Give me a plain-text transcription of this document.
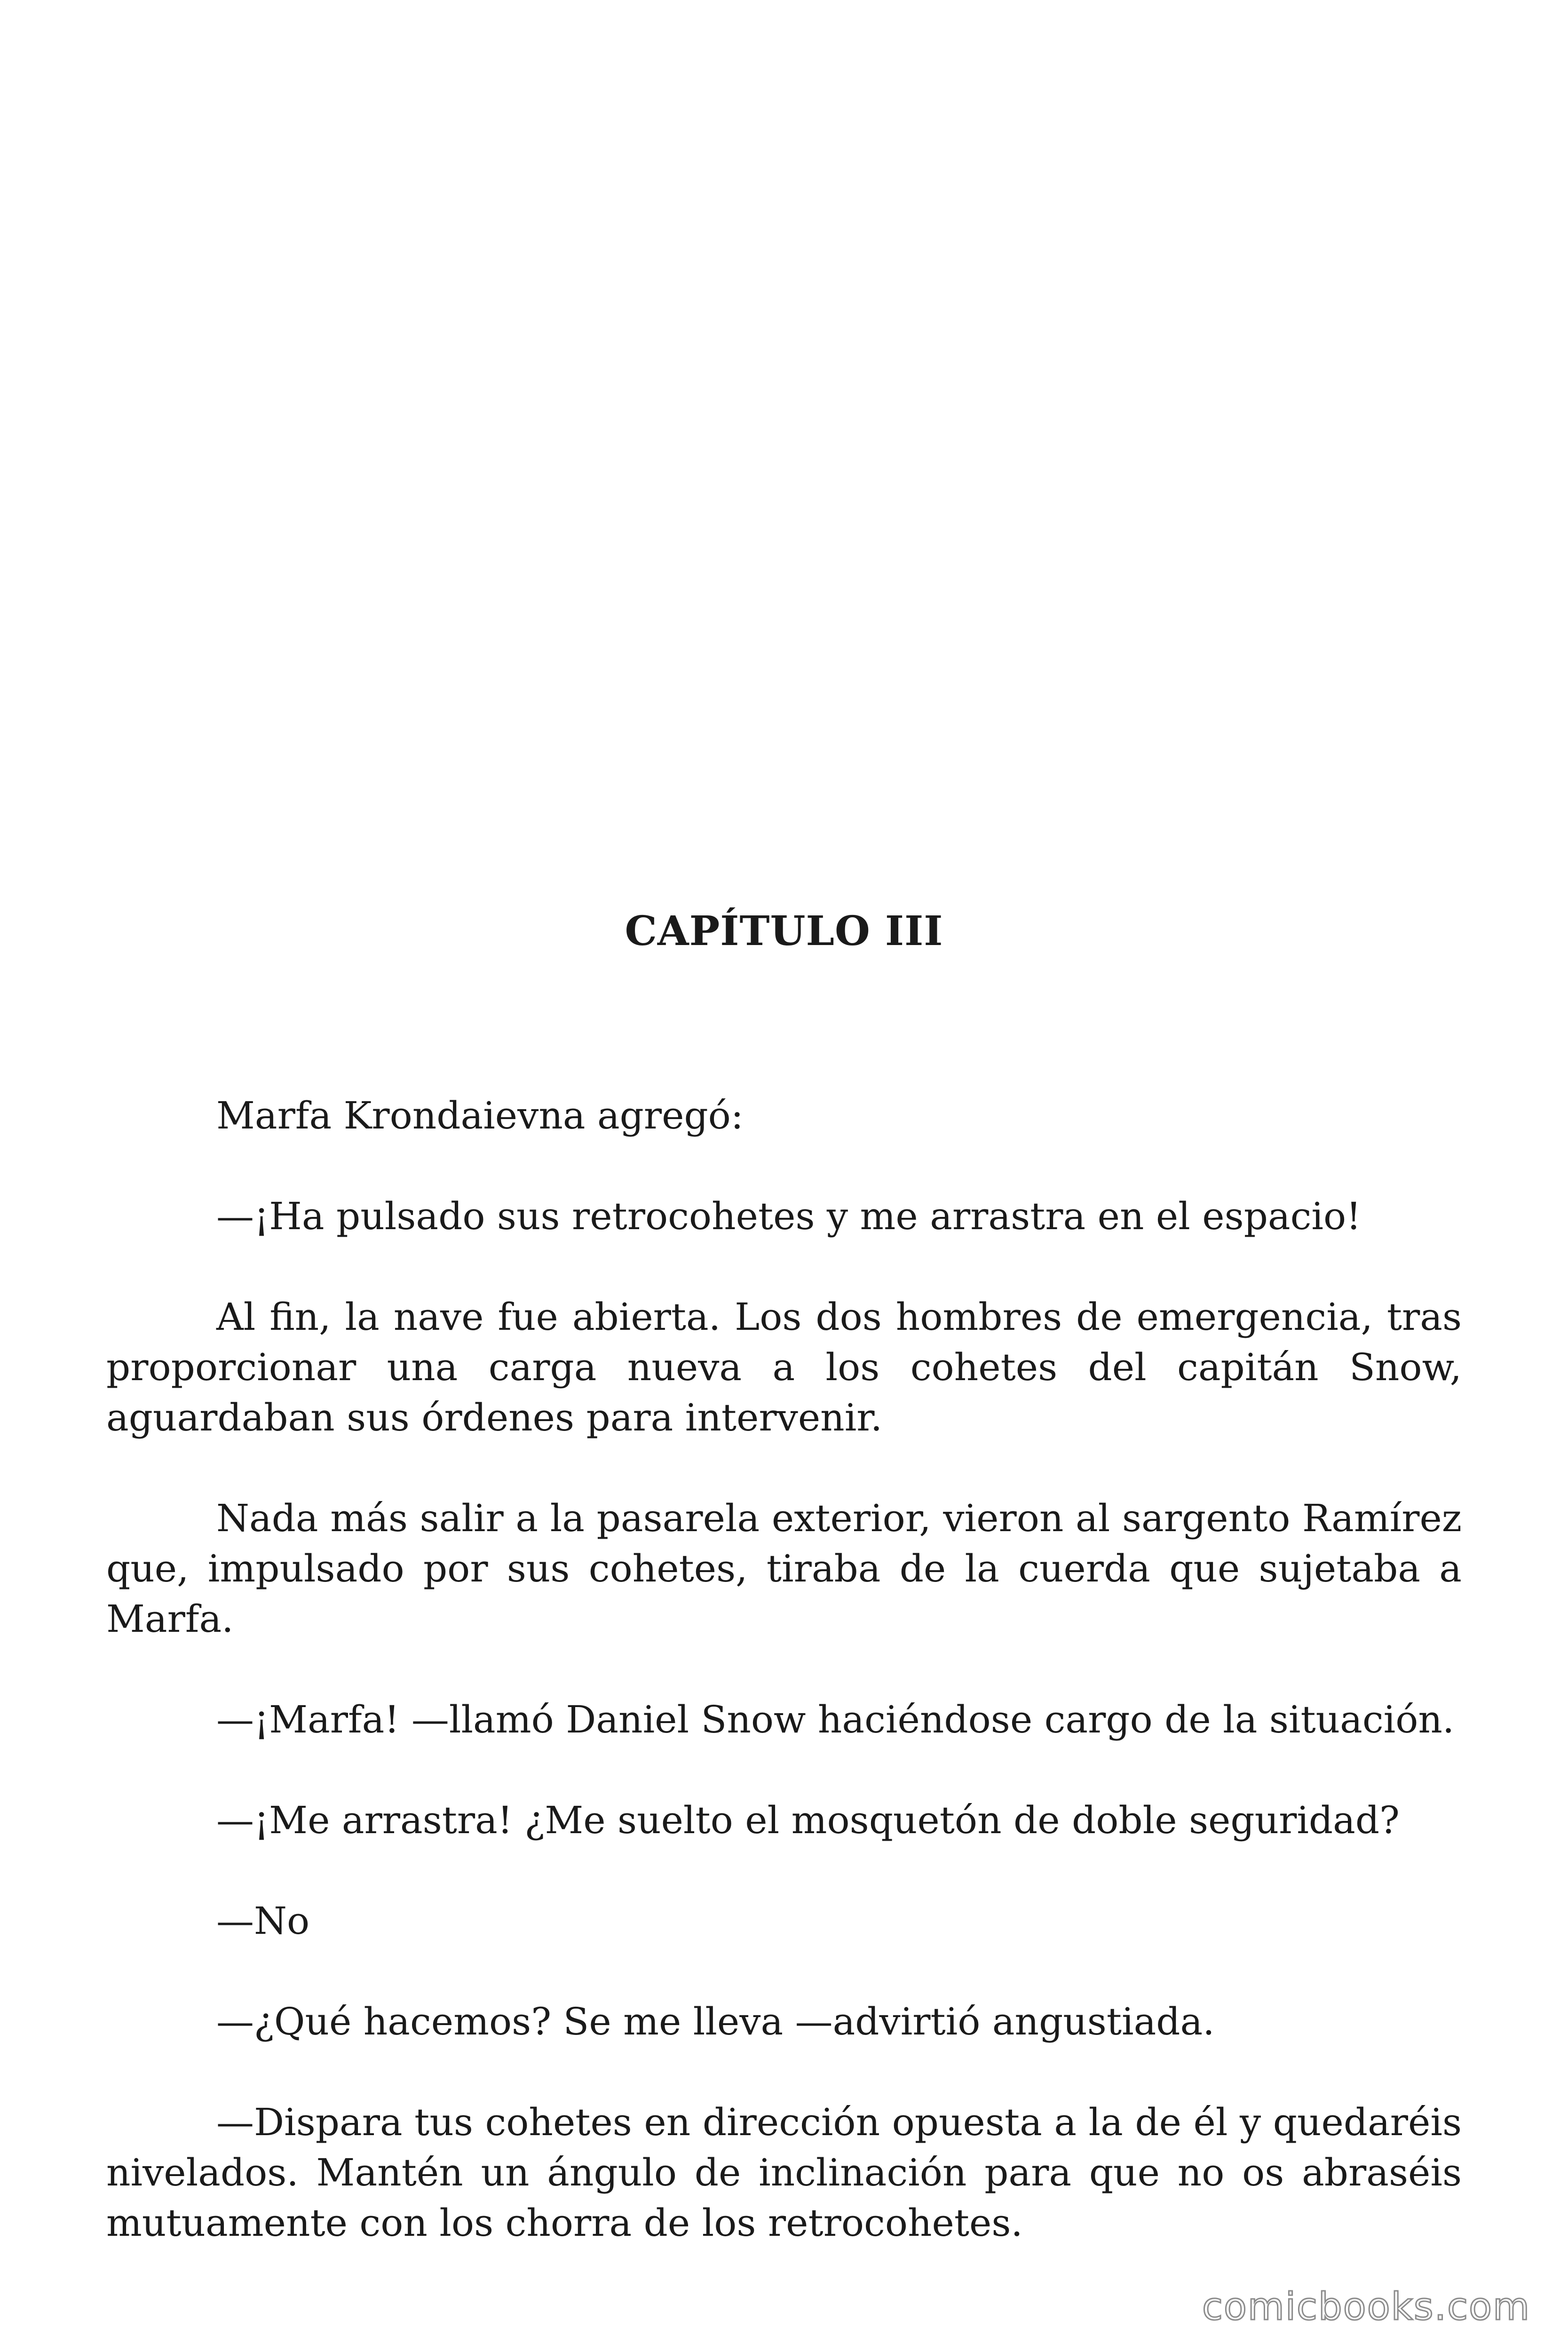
CAPÍTULO III

Marfa Krondaievna agregó:

—¡Ha pulsado sus retrocohetes y me arrastra en el espacio!

Al fin, la nave fue abierta. Los dos hombres de emergencia, tras proporcionar una carga nueva a los cohetes del capitán Snow, aguardaban sus órdenes para intervenir.

Nada más salir a la pasarela exterior, vieron al sargento Ramírez que, impulsado por sus cohetes, tiraba de la cuerda que sujetaba a Marfa.

—¡Marfa! —llamó Daniel Snow haciéndose cargo de la situación.

—¡Me arrastra! ¿Me suelto el mosquetón de doble seguridad?

—No

—¿Qué hacemos? Se me lleva —advirtió angustiada.

—Dispara tus cohetes en dirección opuesta a la de él y quedaréis nivelados. Mantén un ángulo de inclinación para que no os abraséis mutuamente con los chorra de los retrocohetes.

comicbooks.com
